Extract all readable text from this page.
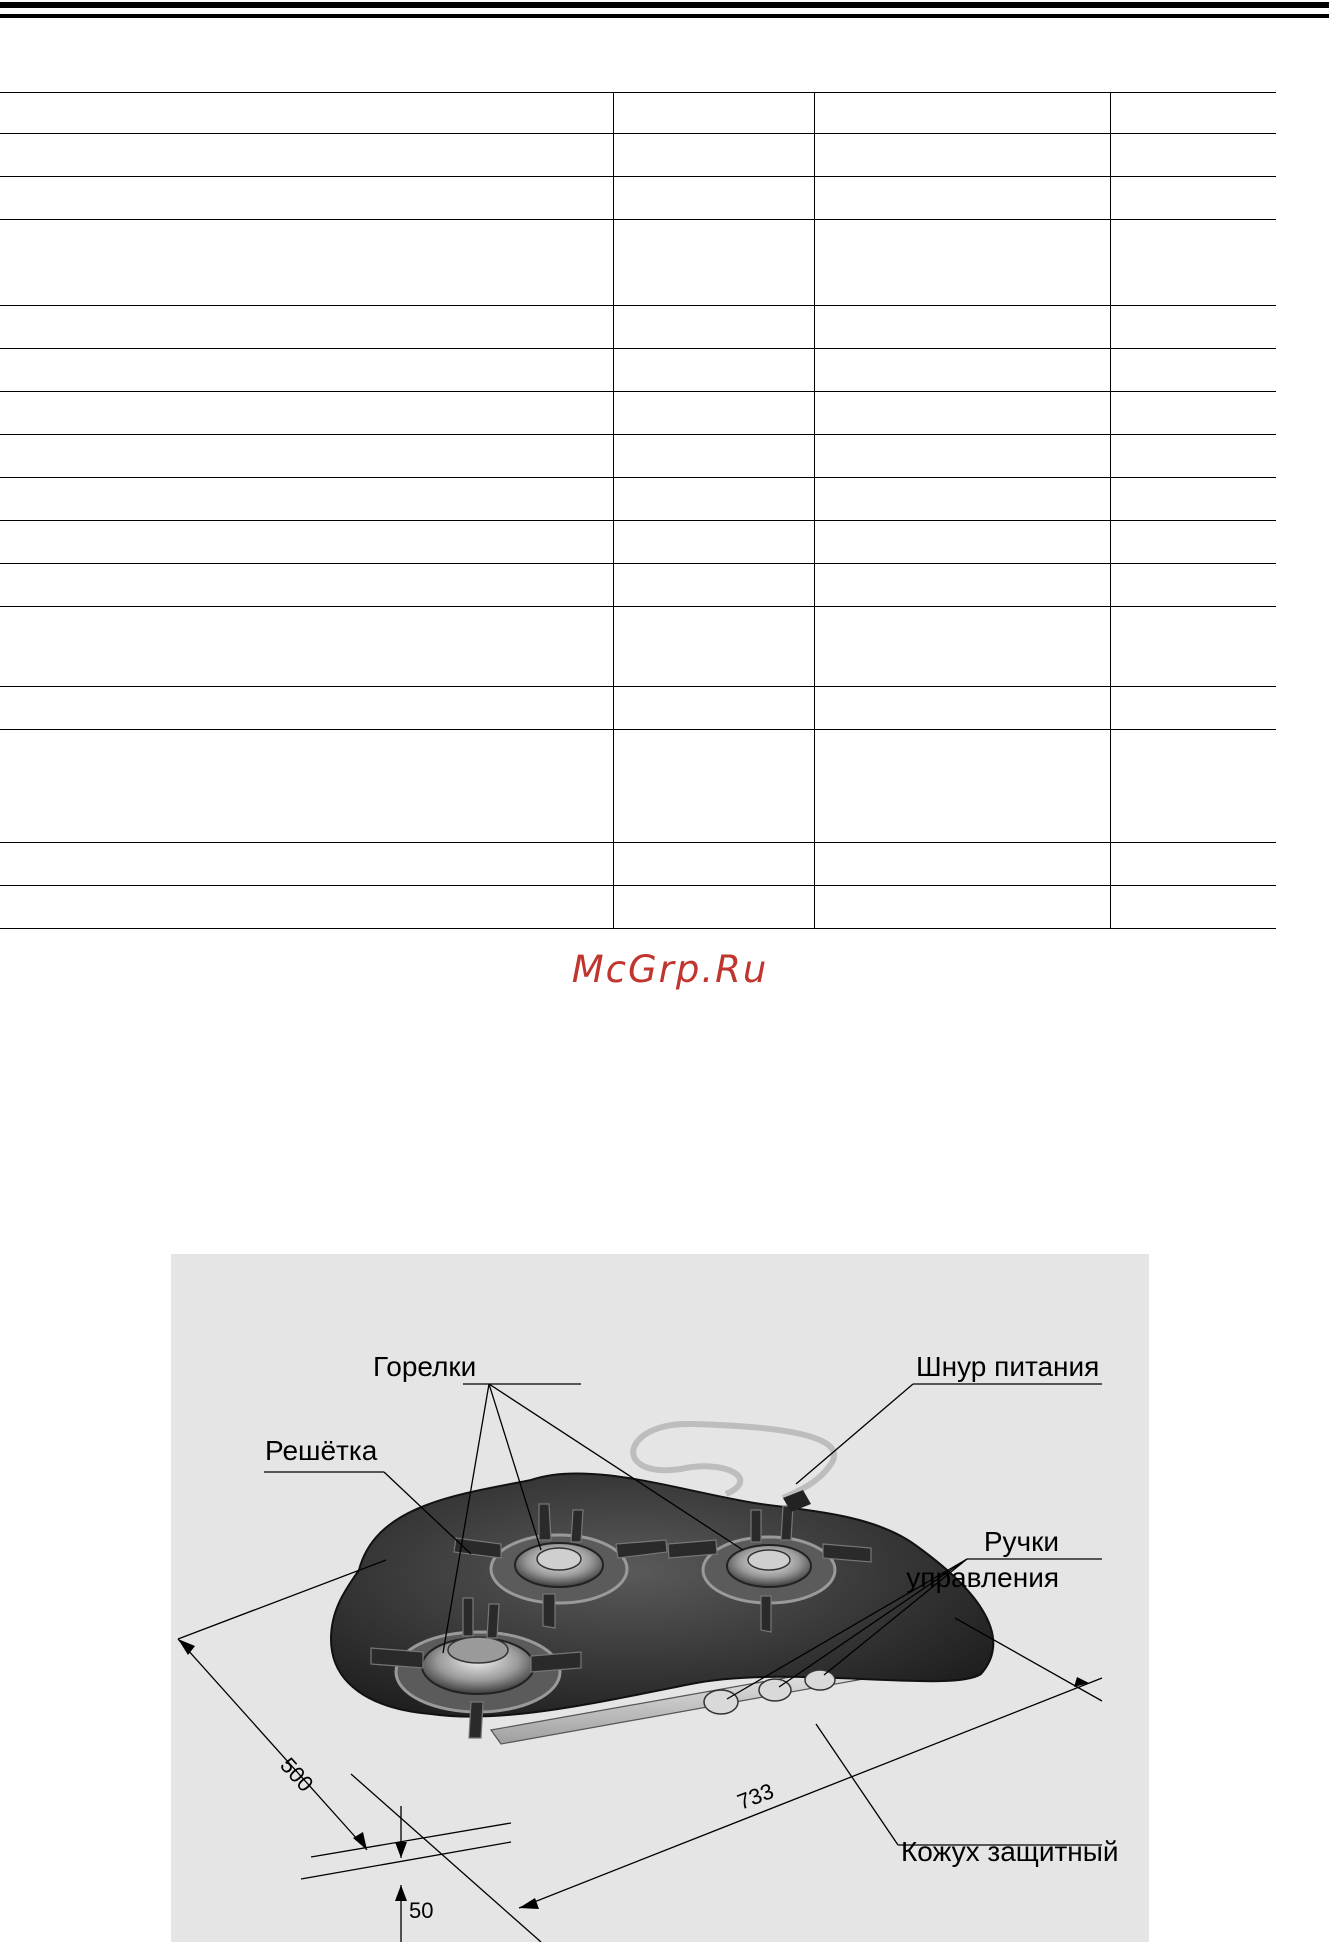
McGrp.Ru
Горелки
Решётка
Шнур питания
Ручки
управления
Кожух защитный
500	733
50
